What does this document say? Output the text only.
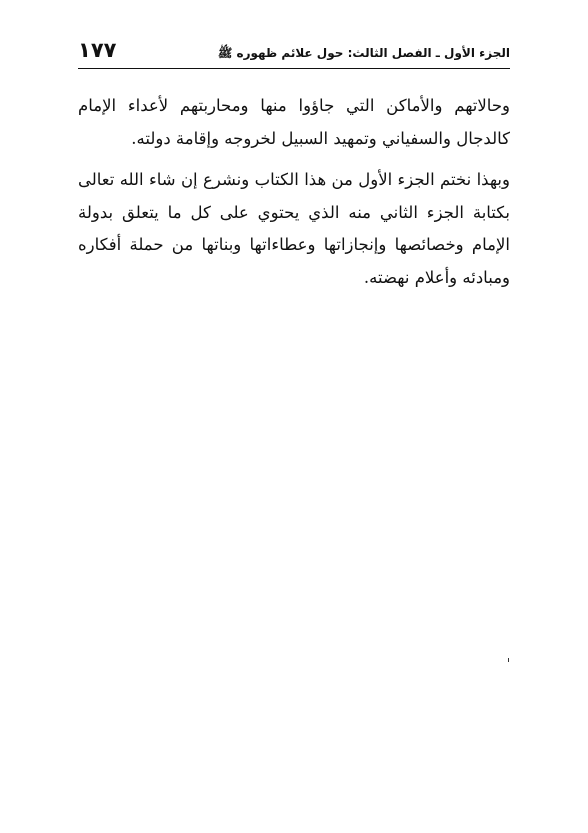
الجزء الأول ـ الفصل الثالث: حول علائم ظهوره ﷺ
١٧٧

وحالاتهم والأماكن التي جاؤوا منها ومحاربتهم لأعداء الإمام كالدجال والسفياني وتمهيد السبيل لخروجه وإقامة دولته.

وبهذا نختم الجزء الأول من هذا الكتاب ونشرع إن شاء الله تعالى بكتابة الجزء الثاني منه الذي يحتوي على كل ما يتعلق بدولة الإمام وخصائصها وإنجازاتها وعطاءاتها وبناتها من حملة أفكاره ومبادئه وأعلام نهضته.
